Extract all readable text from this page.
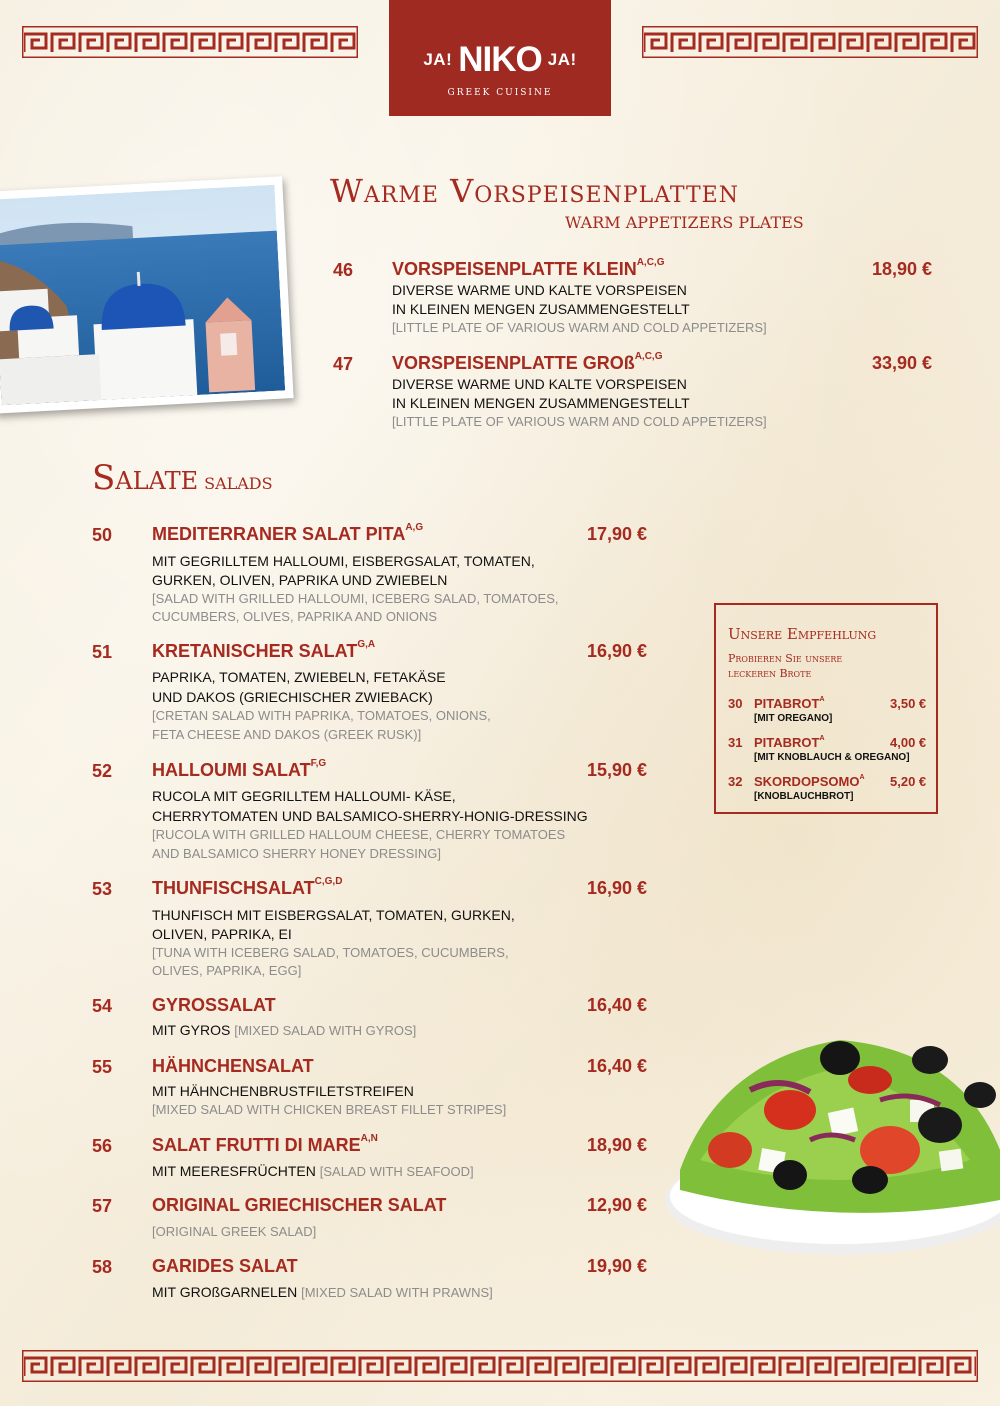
JA! NIKO JA!
GREEK CUISINE
Warme Vorspeisenplatten
WARM APPETIZERS PLATES
46 VORSPEISENPLATTE $KLEIN^{A,C,G}$	18,90 €
DIVERSE WARME UND KALTE VORSPEISEN
IN KLEINEN MENGEN ZUSAMMENGESTELLT
[LITTLE PLATE OF VARIOUS WARM AND COLD APPETIZERS]
47 VORSPEISENPLATTE GROß$^{A,C,G}$	33,90 €
DIVERSE WARME UND KALTE VORSPEISEN
IN KLEINEN MENGEN ZUSAMMENGESTELLT
[LITTLE PLATE OF VARIOUS WARM AND COLD APPETIZERS]
Salate SALADS
50 MEDITERRANER SALAT $PITA^{A,G}$	17,90 €
MIT GEGRILLTEM HALLOUMI, EISBERGSALAT, TOMATEN,
GURKEN, OLIVEN, PAPRIKA UND ZWIEBELN
[SALAD WITH GRILLED HALLOUMI, ICEBERG SALAD, TOMATOES,
CUCUMBERS, OLIVES, PAPRIKA AND ONIONS
51 KRETANISCHER $SALAT^{G,A}$	16,90 €
PAPRIKA, TOMATEN, ZWIEBELN, FETAKÄSE
UND DAKOS (GRIECHISCHER ZWIEBACK)
[CRETAN SALAD WITH PAPRIKA, TOMATOES, ONIONS,
FETA CHEESE AND DAKOS (GREEK RUSK)]
52 HALLOUMI $SALAT^{F,G}$	15,90 €
RUCOLA MIT GEGRILLTEM HALLOUMI- KÄSE,
CHERRYTOMATEN UND BALSAMICO-SHERRY-HONIG-DRESSING
[RUCOLA WITH GRILLED HALLOUM CHEESE, CHERRY TOMATOES
AND BALSAMICO SHERRY HONEY DRESSING]
53 $THUNFISCHSALAT^{C,G,D}$	16,90 €
THUNFISCH MIT EISBERGSALAT, TOMATEN, GURKEN,
OLIVEN, PAPRIKA, EI
[TUNA WITH ICEBERG SALAD, TOMATOES, CUCUMBERS,
OLIVES, PAPRIKA, EGG]
54 GYROSSALAT	16,40 €
MIT GYROS [MIXED SALAD WITH GYROS]
55 HÄHNCHENSALAT	16,40 €
MIT HÄHNCHENBRUSTFILETSTREIFEN
[MIXED SALAD WITH CHICKEN BREAST FILLET STRIPES]
56 SALAT FRUTTI DI $MARE^{A,N}$	18,90 €
MIT MEERESFRÜCHTEN [SALAD WITH SEAFOOD]
57 ORIGINAL GRIECHISCHER SALAT	12,90 €
[ORIGINAL GREEK SALAD]
58 GARIDES SALAT	19,90 €
MIT GROßGARNELEN [MIXED SALAD WITH PRAWNS]
Unsere Empfehlung
Probieren Sie unsere
leckeren Brote
30 $PITABROT^A$	3,50 €
[MIT OREGANO]
31 $PITABROT^A$	4,00 €
[MIT KNOBLAUCH & OREGANO]
32 $SKORDOPSOMO^A$ 5,20 €
[KNOBLAUCHBROT]
